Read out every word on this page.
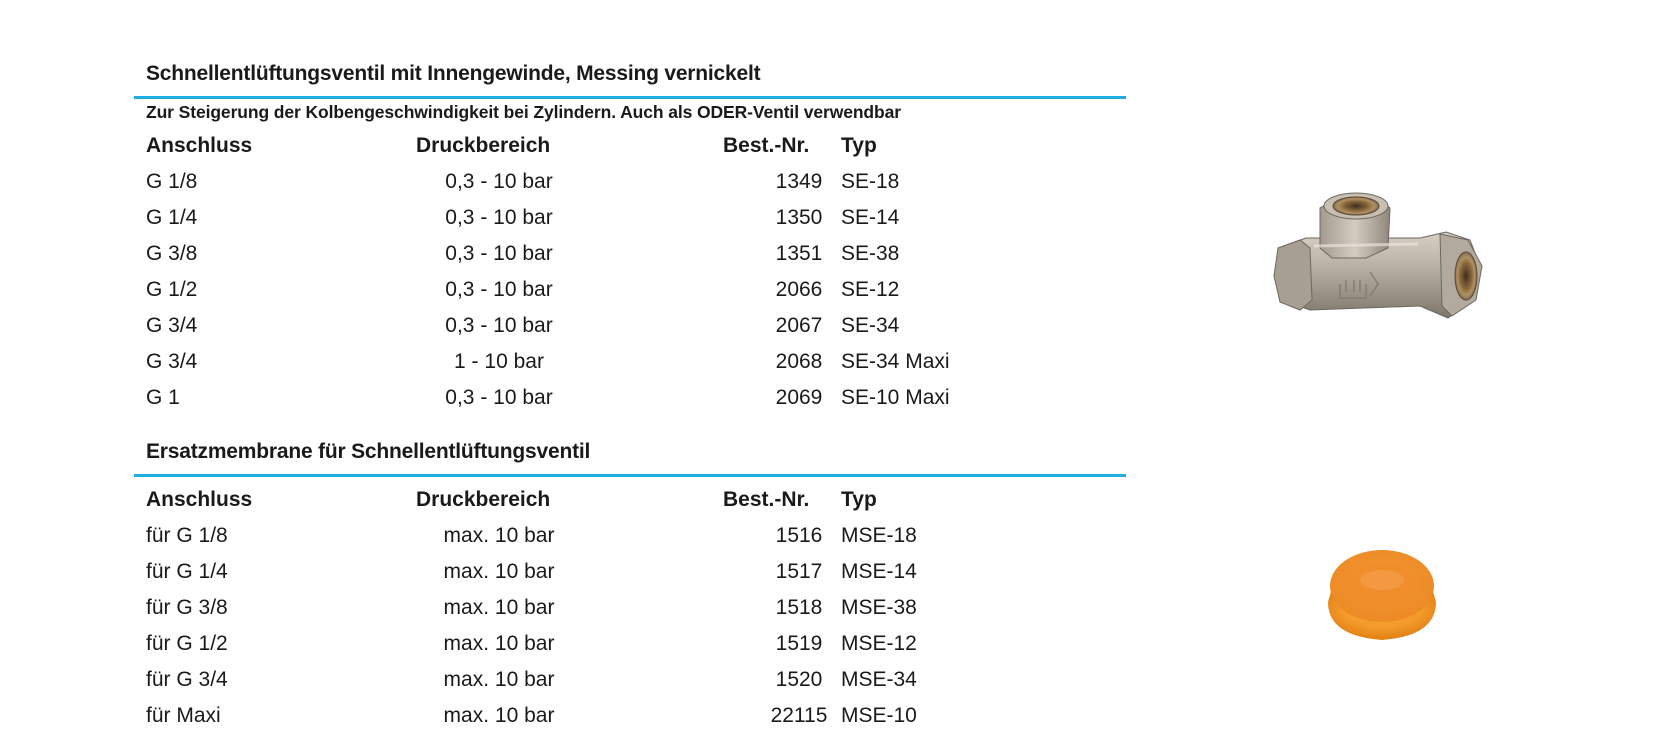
Schnellentlüftungsventil mit Innengewinde, Messing vernickelt
Zur Steigerung der Kolbengeschwindigkeit bei Zylindern. Auch als ODER-Ventil verwendbar
Anschluss	Druckbereich	Best.-Nr. Typ
G 1/8	0,3 - 10 bar	1349 SE-18
G 1/4	0,3 - 10 bar	1350 SE-14
G 3/8	0,3 - 10 bar	1351 SE-38
G 1/2	0,3 - 10 bar	2066 SE-12
G 3/4	0,3 - 10 bar	2067 SE-34
G 3/4	1 - 10 bar	2068 SE-34 Maxi
G 1	0,3 - 10 bar	2069 SE-10 Maxi
Ersatzmembrane für Schnellentlüftungsventil
Anschluss	Druckbereich	Best.-Nr. Typ
für G 1/8	max. 10 bar	1516 MSE-18
für G 1/4	max. 10 bar	1517 MSE-14
für G 3/8	max. 10 bar	1518 MSE-38
für G 1/2	max. 10 bar	1519 MSE-12
für G 3/4	max. 10 bar	1520 MSE-34
für Maxi	max. 10 bar	22115 MSE-10
